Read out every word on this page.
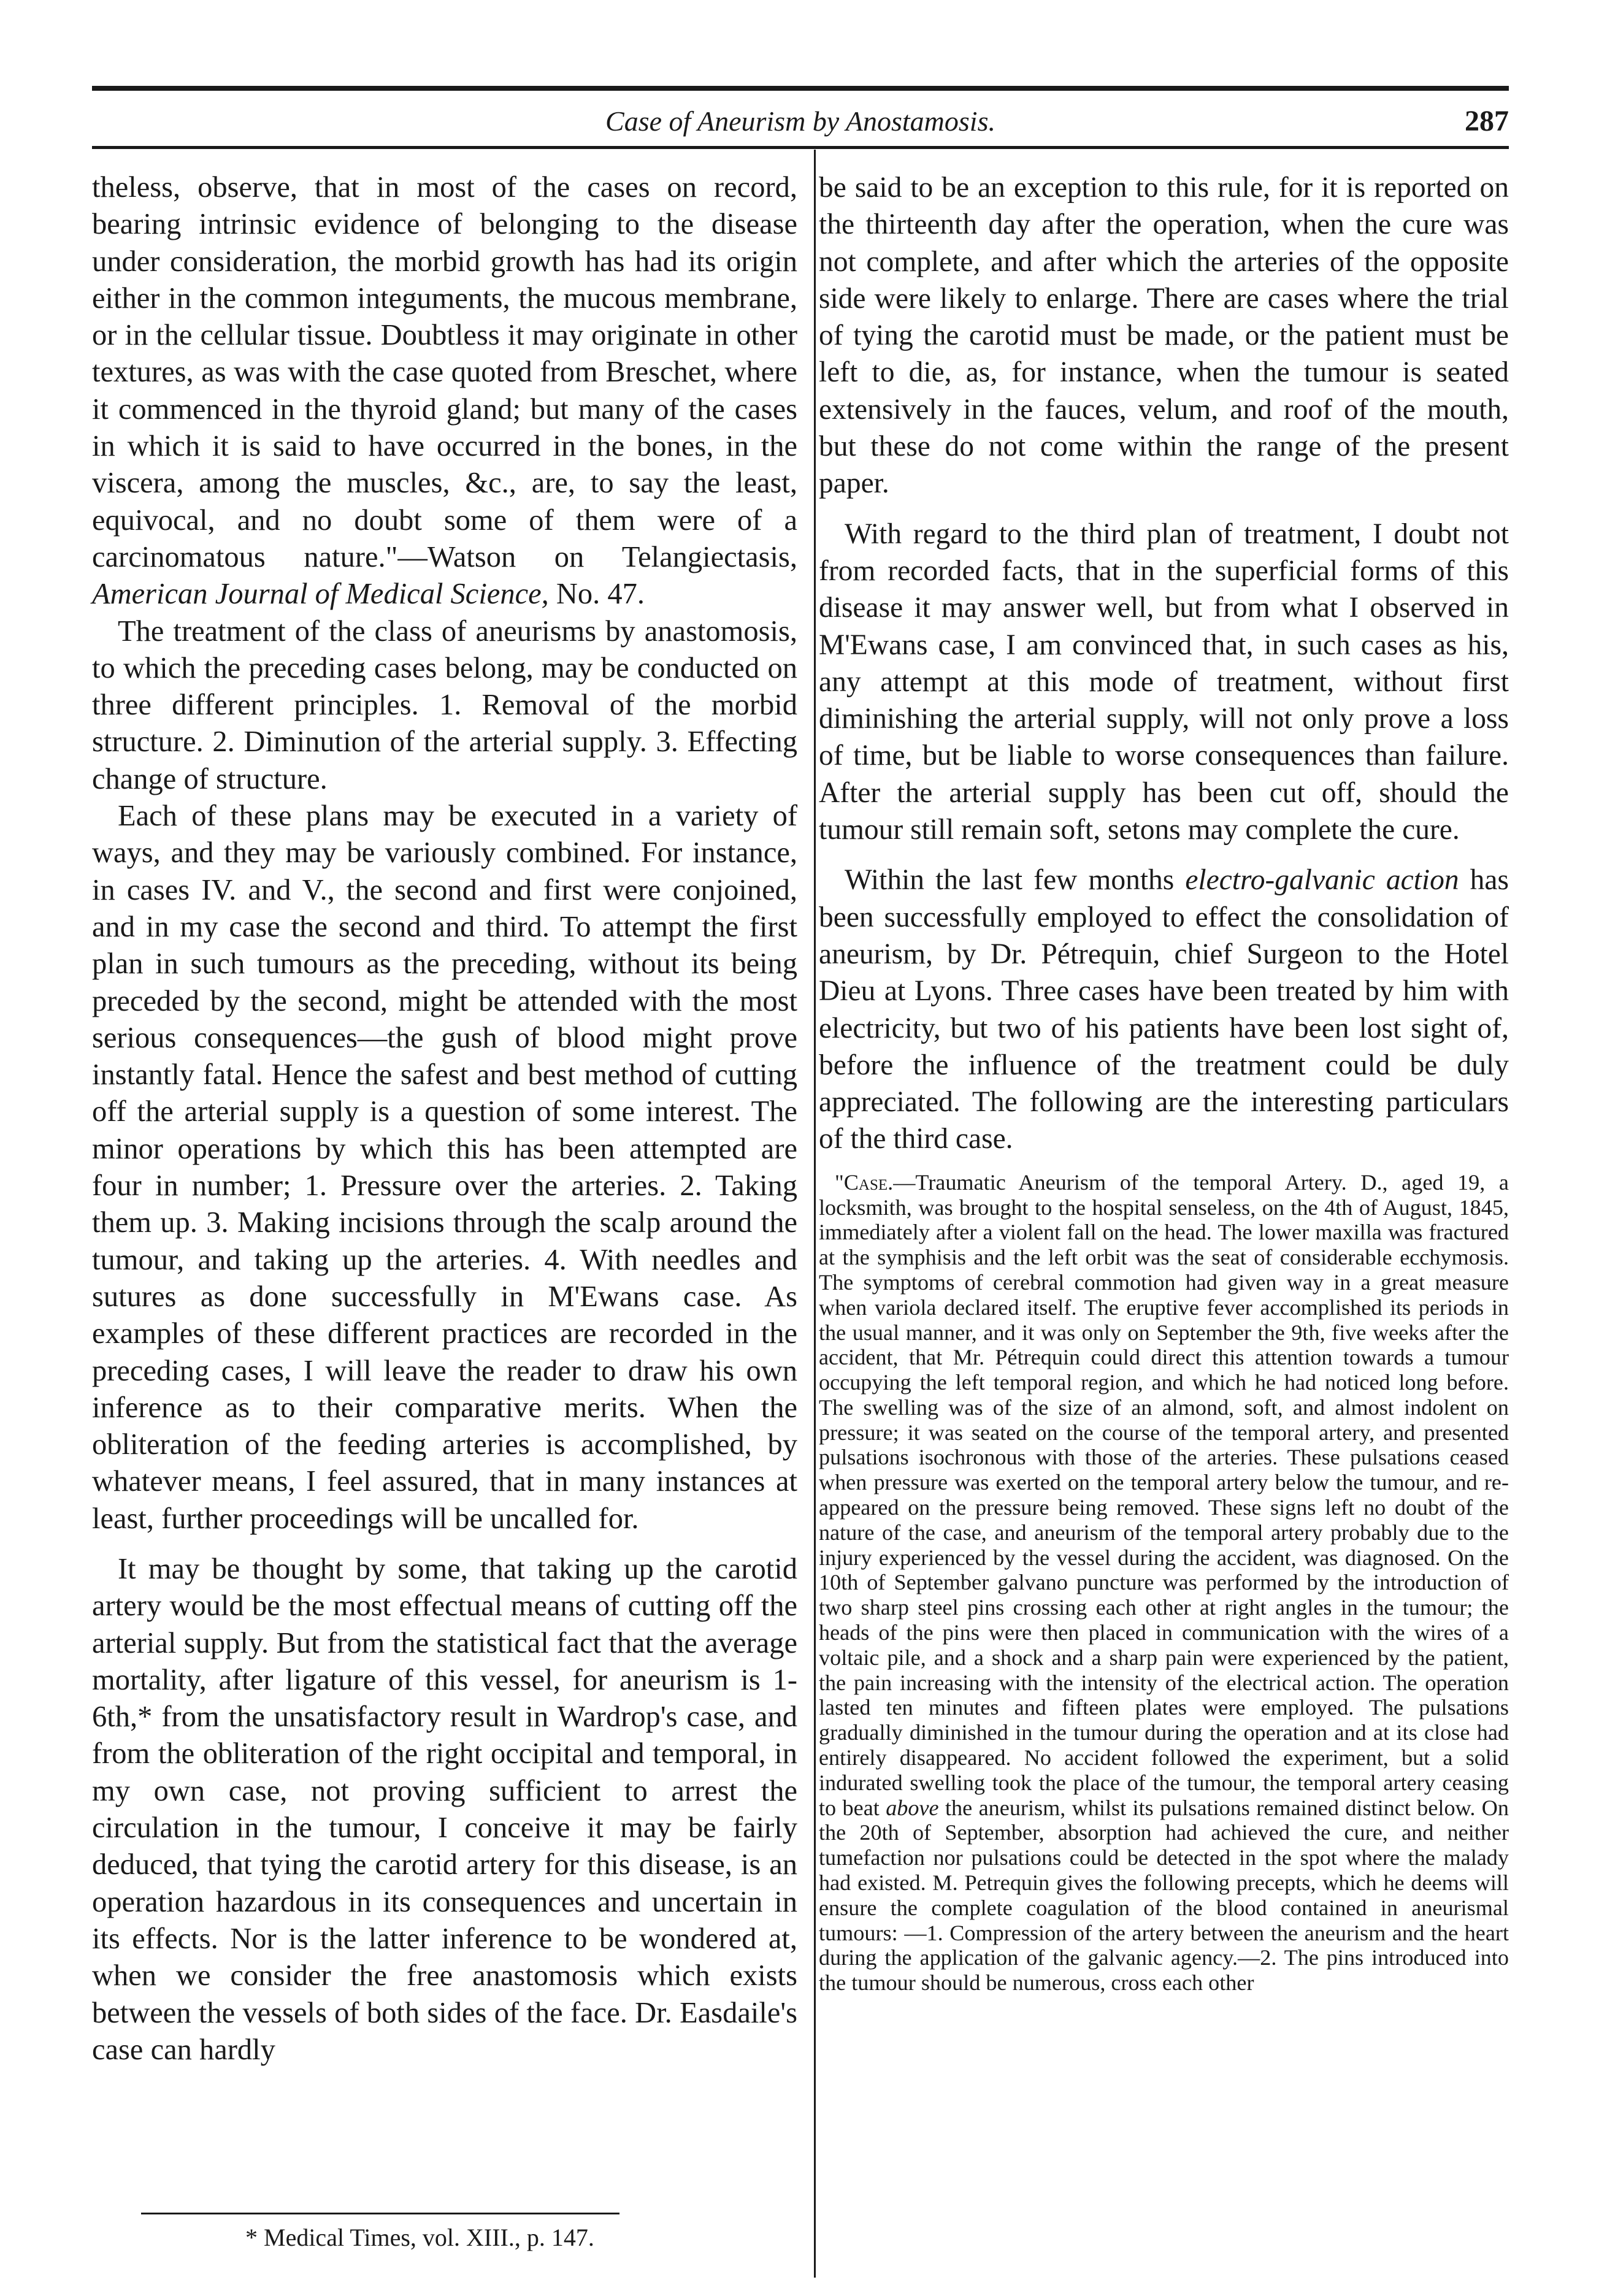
Case of Aneurism by Anostamosis.	287

theless, observe, that in most of the cases on record, bearing intrinsic evidence of belonging to the disease under consideration, the morbid growth has had its origin either in the common integuments, the mucous membrane, or in the cellular tissue. Doubtless it may originate in other textures, as was with the case quoted from Breschet, where it commenced in the thyroid gland; but many of the cases in which it is said to have occurred in the bones, in the viscera, among the muscles, &c., are, to say the least, equivocal, and no doubt some of them were of a carcinomatous nature."—Watson on Telangiectasis, American Journal of Medical Science, No. 47.

The treatment of the class of aneurisms by anastomosis, to which the preceding cases belong, may be conducted on three different principles. 1. Removal of the morbid structure. 2. Diminution of the arterial supply. 3. Effecting change of structure.

Each of these plans may be executed in a variety of ways, and they may be variously combined. For instance, in cases IV. and V., the second and first were conjoined, and in my case the second and third. To attempt the first plan in such tumours as the preceding, without its being preceded by the second, might be attended with the most serious consequences—the gush of blood might prove instantly fatal. Hence the safest and best method of cutting off the arterial supply is a question of some interest. The minor operations by which this has been attempted are four in number; 1. Pressure over the arteries. 2. Taking them up. 3. Making incisions through the scalp around the tumour, and taking up the arteries. 4. With needles and sutures as done successfully in M'Ewans case. As examples of these different practices are recorded in the preceding cases, I will leave the reader to draw his own inference as to their comparative merits. When the obliteration of the feeding arteries is accomplished, by whatever means, I feel assured, that in many instances at least, further proceedings will be uncalled for.

It may be thought by some, that taking up the carotid artery would be the most effectual means of cutting off the arterial supply. But from the statistical fact that the average mortality, after ligature of this vessel, for aneurism is 1-6th,* from the unsatisfactory result in Wardrop's case, and from the obliteration of the right occipital and temporal, in my own case, not proving sufficient to arrest the circulation in the tumour, I conceive it may be fairly deduced, that tying the carotid artery for this disease, is an operation hazardous in its consequences and uncertain in its effects. Nor is the latter inference to be wondered at, when we consider the free anastomosis which exists between the vessels of both sides of the face. Dr. Easdaile's case can hardly

be said to be an exception to this rule, for it is reported on the thirteenth day after the operation, when the cure was not complete, and after which the arteries of the opposite side were likely to enlarge. There are cases where the trial of tying the carotid must be made, or the patient must be left to die, as, for instance, when the tumour is seated extensively in the fauces, velum, and roof of the mouth, but these do not come within the range of the present paper.

With regard to the third plan of treatment, I doubt not from recorded facts, that in the superficial forms of this disease it may answer well, but from what I observed in M'Ewans case, I am convinced that, in such cases as his, any attempt at this mode of treatment, without first diminishing the arterial supply, will not only prove a loss of time, but be liable to worse consequences than failure. After the arterial supply has been cut off, should the tumour still remain soft, setons may complete the cure.

Within the last few months electro-galvanic action has been successfully employed to effect the consolidation of aneurism, by Dr. Pétrequin, chief Surgeon to the Hotel Dieu at Lyons. Three cases have been treated by him with electricity, but two of his patients have been lost sight of, before the influence of the treatment could be duly appreciated. The following are the interesting particulars of the third case.

"Case.—Traumatic Aneurism of the temporal Artery. D., aged 19, a locksmith, was brought to the hospital senseless, on the 4th of August, 1845, immediately after a violent fall on the head. The lower maxilla was fractured at the symphisis and the left orbit was the seat of considerable ecchymosis. The symptoms of cerebral commotion had given way in a great measure when variola declared itself. The eruptive fever accomplished its periods in the usual manner, and it was only on September the 9th, five weeks after the accident, that Mr. Pétrequin could direct this attention towards a tumour occupying the left temporal region, and which he had noticed long before. The swelling was of the size of an almond, soft, and almost indolent on pressure; it was seated on the course of the temporal artery, and presented pulsations isochronous with those of the arteries. These pulsations ceased when pressure was exerted on the temporal artery below the tumour, and re-appeared on the pressure being removed. These signs left no doubt of the nature of the case, and aneurism of the temporal artery probably due to the injury experienced by the vessel during the accident, was diagnosed. On the 10th of September galvano puncture was performed by the introduction of two sharp steel pins crossing each other at right angles in the tumour; the heads of the pins were then placed in communication with the wires of a voltaic pile, and a shock and a sharp pain were experienced by the patient, the pain increasing with the intensity of the electrical action. The operation lasted ten minutes and fifteen plates were employed. The pulsations gradually diminished in the tumour during the operation and at its close had entirely disappeared. No accident followed the experiment, but a solid indurated swelling took the place of the tumour, the temporal artery ceasing to beat above the aneurism, whilst its pulsations remained distinct below. On the 20th of September, absorption had achieved the cure, and neither tumefaction nor pulsations could be detected in the spot where the malady had existed. M. Petrequin gives the following precepts, which he deems will ensure the complete coagulation of the blood contained in aneurismal tumours: —1. Compression of the artery between the aneurism and the heart during the application of the galvanic agency.—2. The pins introduced into the tumour should be numerous, cross each other

* Medical Times, vol. XIII., p. 147.
